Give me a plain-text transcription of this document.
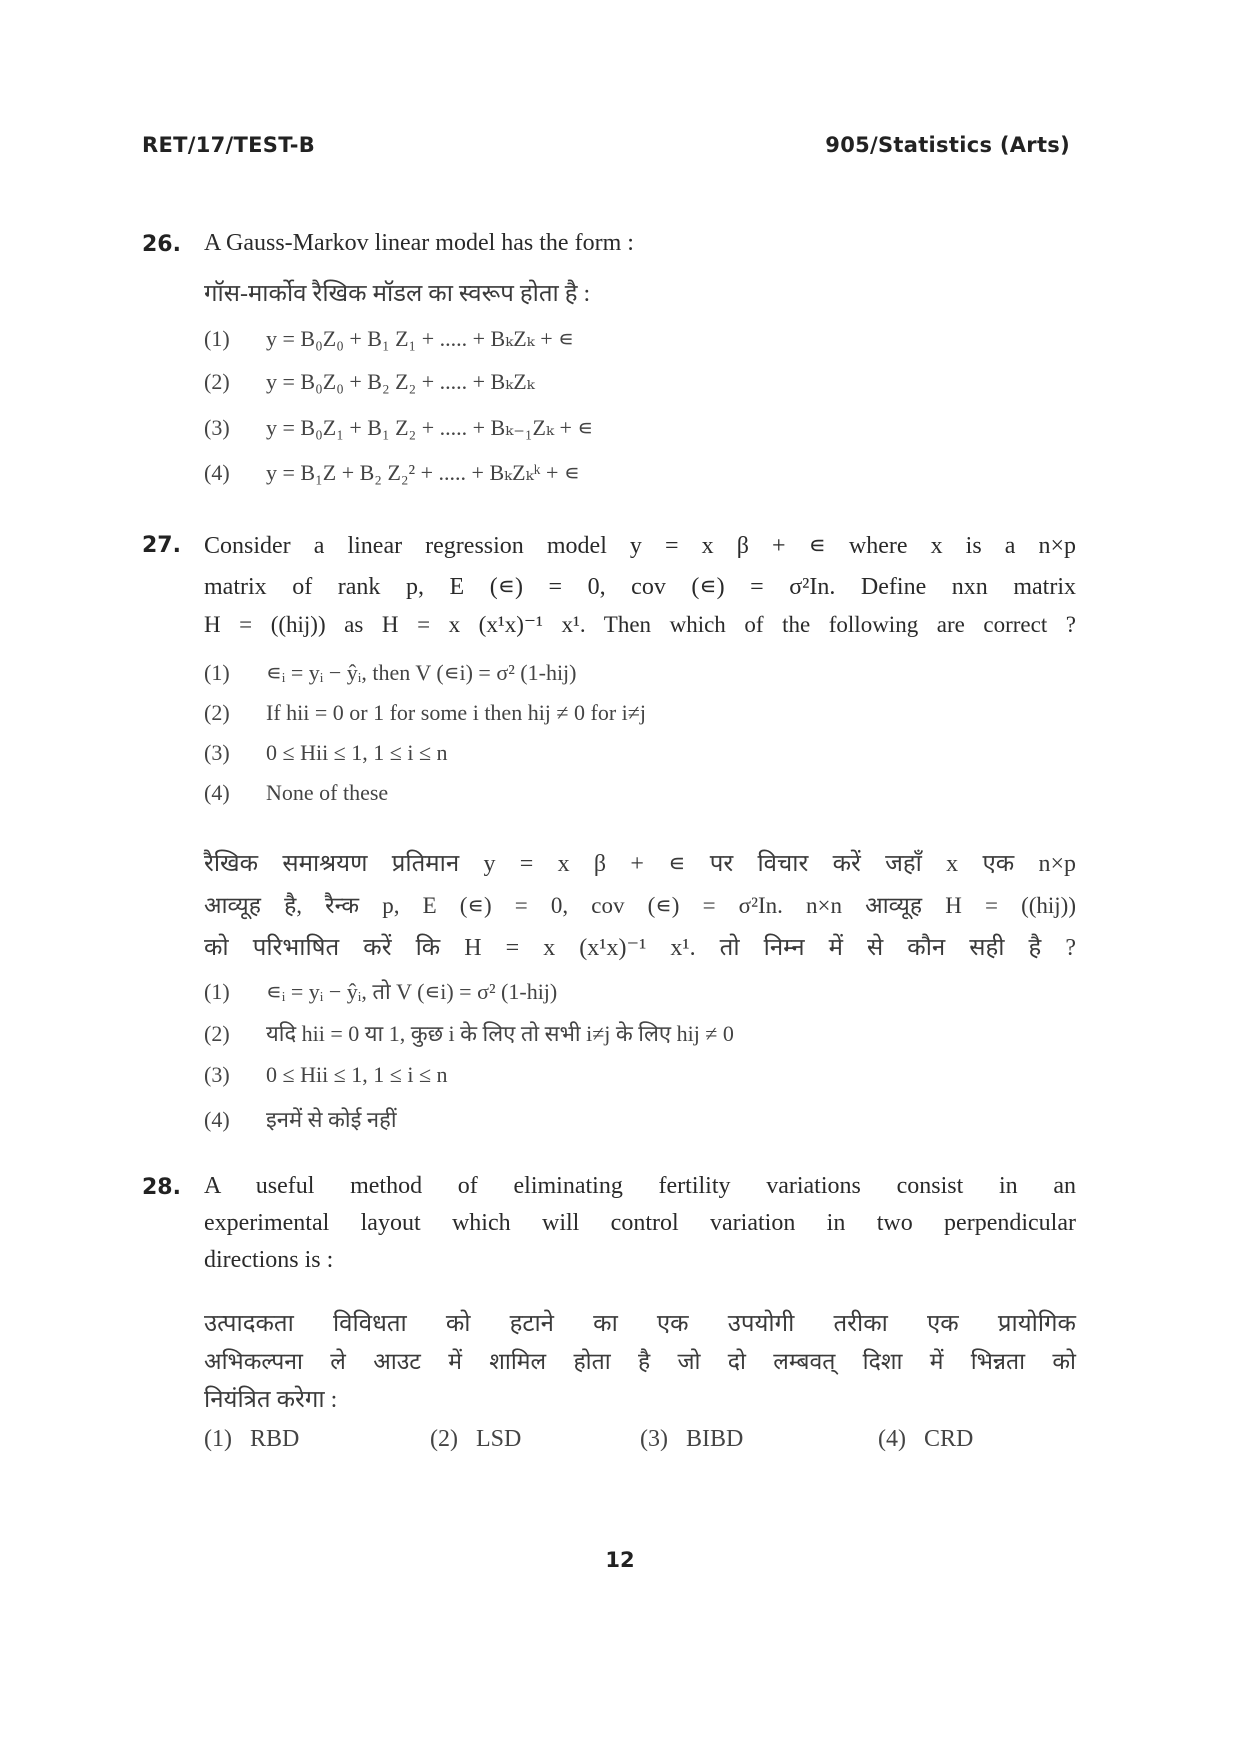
RET/17/TEST-B	905/Statistics (Arts)
26. A Gauss-Markov linear model has the form :
गॉस-मार्कोव रैखिक मॉडल का स्वरूप होता है :
(1) y = B₀Z₀ + B₁ Z₁ + ..... + BₖZₖ + ∊
(2) y = B₀Z₀ + B₂ Z₂ + ..... + BₖZₖ
(3) y = B₀Z₁ + B₁ Z₂ + ..... + Bₖ₋₁Zₖ + ∊
(4) y = B₁Z + B₂ Z₂² + ..... + BₖZₖᵏ + ∊
27. Consider a linear regression model y = x β + ∊ where x is a n×p
matrix of rank p, E (∊) = 0, cov (∊) = σ²In. Define nxn matrix
H = ((hij)) as H = x (x¹x)⁻¹ x¹. Then which of the following are correct ?
(1) ∊ᵢ = yᵢ − ŷᵢ, then V (∊i) = σ² (1-hij)
(2) If hii = 0 or 1 for some i then hij ≠ 0 for i≠j
(3) 0 ≤ Hii ≤ 1, 1 ≤ i ≤ n
(4) None of these
रैखिक समाश्रयण प्रतिमान y = x β + ∊ पर विचार करें जहाँ x एक n×p
आव्यूह है, रैन्क p, E (∊) = 0, cov (∊) = σ²In. n×n आव्यूह H = ((hij))
को परिभाषित करें कि H = x (x¹x)⁻¹ x¹. तो निम्न में से कौन सही है ?
(1) ∊ᵢ = yᵢ − ŷᵢ, तो V (∊i) = σ² (1-hij)
(2) यदि hii = 0 या 1, कुछ i के लिए तो सभी i≠j के लिए hij ≠ 0
(3) 0 ≤ Hii ≤ 1, 1 ≤ i ≤ n
(4) इनमें से कोई नहीं
28. A useful method of eliminating fertility variations consist in an
experimental layout which will control variation in two perpendicular
directions is :
उत्पादकता विविधता को हटाने का एक उपयोगी तरीका एक प्रायोगिक
अभिकल्पना ले आउट में शामिल होता है जो दो लम्बवत् दिशा में भिन्नता को
नियंत्रित करेगा :
(1) RBD	(2) LSD	(3) BIBD	(4) CRD
12
